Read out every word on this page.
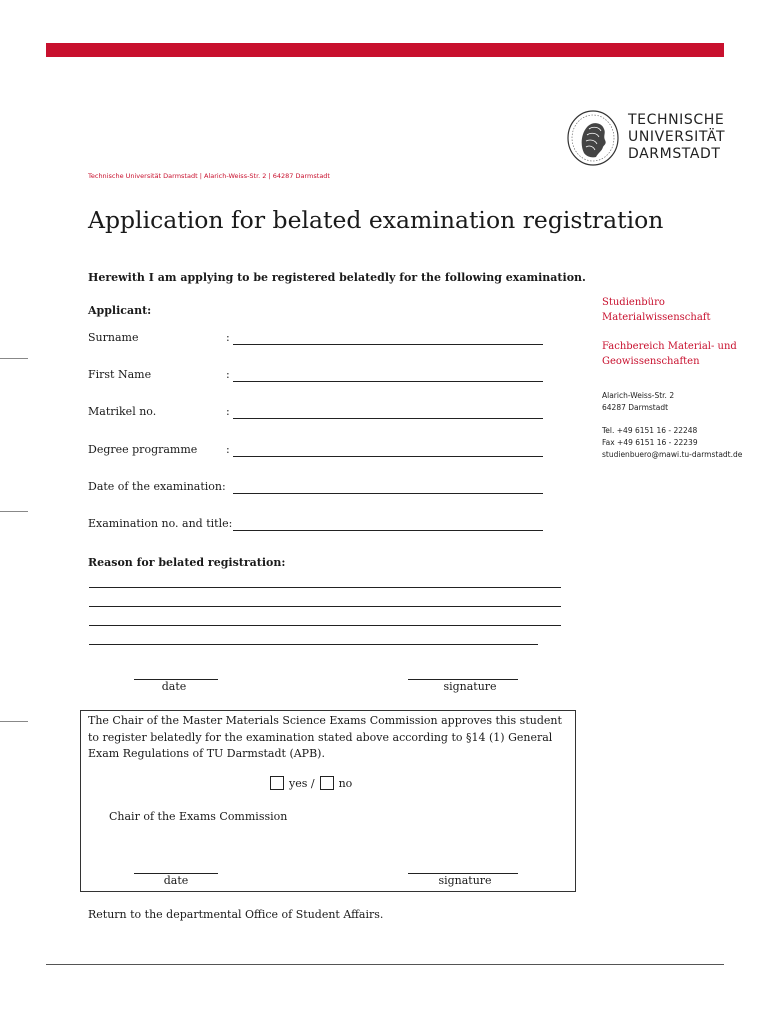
TECHNISCHE
UNIVERSITÄT
DARMSTADT
Technische Universität Darmstadt | Alarich-Weiss-Str. 2 | 64287 Darmstadt
Application for belated examination registration
Herewith I am applying to be registered belatedly for the following examination.
Applicant:
Surname	:
First Name	:
Matrikel no.	:
Degree programme	:
Date of the examination:
Examination no. and title:
Reason for belated registration:
date	signature
The Chair of the Master Materials Science Exams Commission approves this student to register belatedly for the examination stated above according to §14 (1) General Exam Regulations of TU Darmstadt (APB).
yes / no
Chair of the Exams Commission
date	signature
Return to the departmental Office of Student Affairs.
Studienbüro
Materialwissenschaft
Fachbereich Material- und
Geowissenschaften
Alarich-Weiss-Str. 2
64287 Darmstadt
Tel. +49 6151 16 - 22248
Fax +49 6151 16 - 22239
studienbuero@mawi.tu-darmstadt.de
